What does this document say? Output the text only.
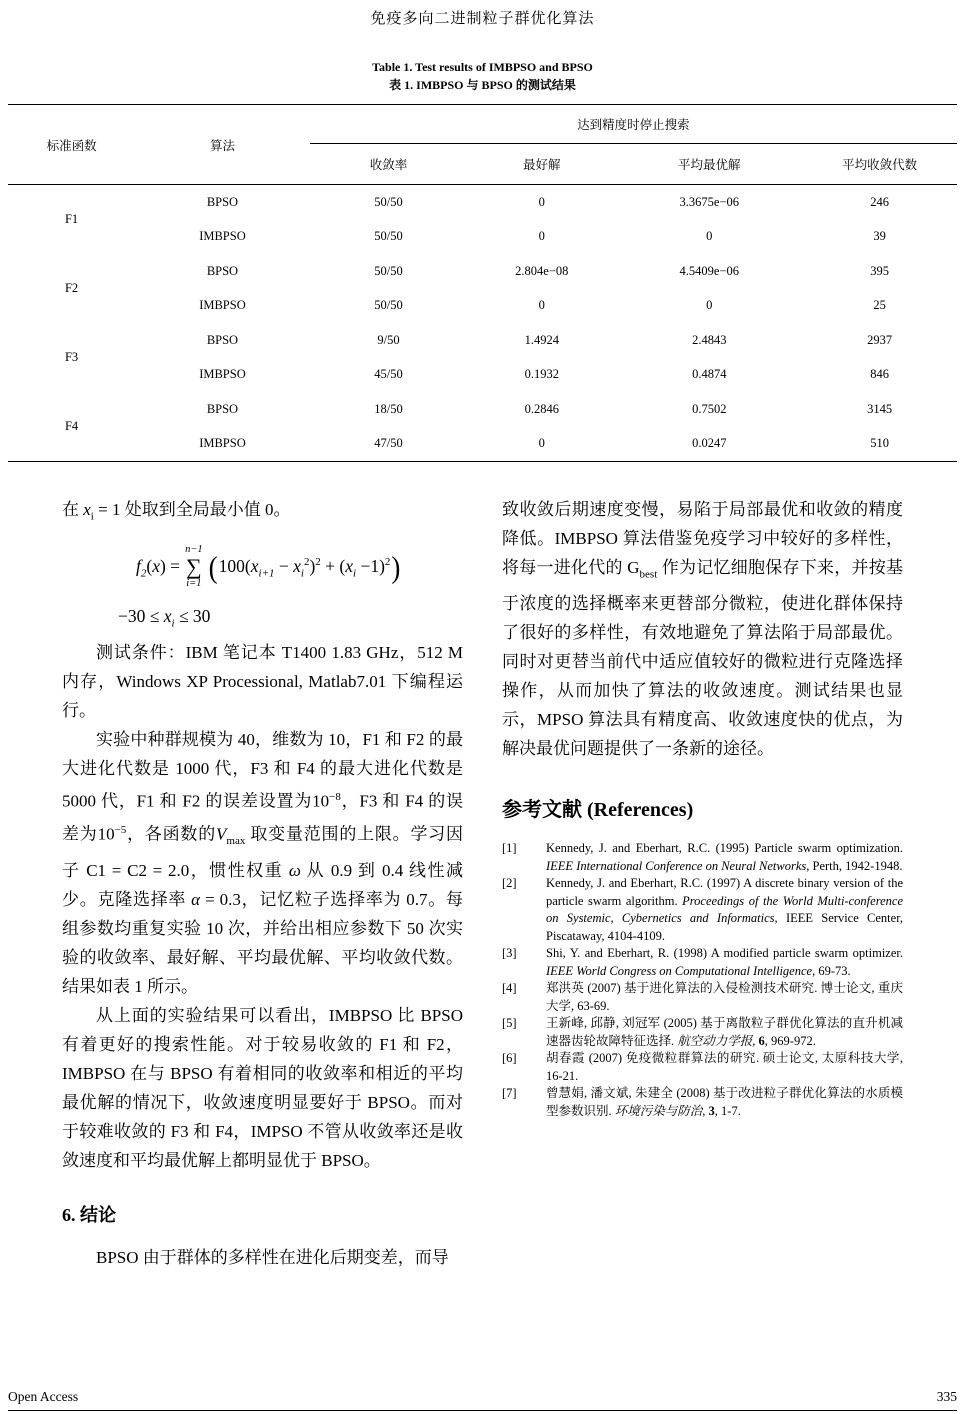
免疫多向二进制粒子群优化算法
Table 1. Test results of IMBPSO and BPSO
表 1. IMBPSO 与 BPSO 的测试结果
标准函数	算法	达到精度时停止搜索			
		收敛率	最好解	平均最优解	平均收敛代数
F1	BPSO	50/50	0	3.3675e−06	246
	IMBPSO	50/50	0	0	39
F2	BPSO	50/50	2.804e−08	4.5409e−06	395
	IMBPSO	50/50	0	0	25
F3	BPSO	9/50	1.4924	2.4843	2937
	IMBPSO	45/50	0.1932	0.4874	846
F4	BPSO	18/50	0.2846	0.7502	3145
	IMBPSO	47/50	0	0.0247	510

在 $x_i = 1$ 处取到全局最小值 0。

$f_2(x)$ =
n−1
∑
i=1 ( $100(x_{i+1} - x_i^2)^2 + (x_i -1)^2$ )
$-30 \le x_i \le 30$

测试条件：IBM 笔记本 T1400 1.83 GHz，512 M 内存，Windows XP Processional, Matlab7.01 下编程运行。

实验中种群规模为 40，维数为 10，F1 和 F2 的最大进化代数是 1000 代，F3 和 F4 的最大进化代数是 5000 代，F1 和 F2 的误差设置为$10^{-8}$，F3 和 F4 的误差为$10^{-5}$，各函数的$V_{max}$ 取变量范围的上限。学习因子 C1 = C2 = 2.0，惯性权重 ω 从 0.9 到 0.4 线性减少。克隆选择率 α = 0.3，记忆粒子选择率为 0.7。每组参数均重复实验 10 次，并给出相应参数下 50 次实验的收敛率、最好解、平均最优解、平均收敛代数。结果如表 1 所示。

从上面的实验结果可以看出，IMBPSO 比 BPSO 有着更好的搜索性能。对于较易收敛的 F1 和 F2，IMBPSO 在与 BPSO 有着相同的收敛率和相近的平均最优解的情况下，收敛速度明显要好于 BPSO。而对于较难收敛的 F3 和 F4，IMPSO 不管从收敛率还是收敛速度和平均最优解上都明显优于 BPSO。

6. 结论

BPSO 由于群体的多样性在进化后期变差，而导

致收敛后期速度变慢，易陷于局部最优和收敛的精度降低。IMBPSO 算法借鉴免疫学习中较好的多样性，将每一进化代的 $G_{best}$ 作为记忆细胞保存下来，并按基于浓度的选择概率来更替部分微粒，使进化群体保持了很好的多样性，有效地避免了算法陷于局部最优。同时对更替当前代中适应值较好的微粒进行克隆选择操作，从而加快了算法的收敛速度。测试结果也显示，MPSO 算法具有精度高、收敛速度快的优点，为解决最优问题提供了一条新的途径。

参考文献 (References)
[1]	Kennedy, J. and Eberhart, R.C. (1995) Particle swarm optimization. IEEE International Conference on Neural Networks, Perth, 1942-1948.
[2]	Kennedy, J. and Eberhart, R.C. (1997) A discrete binary version of the particle swarm algorithm. Proceedings of the World Multi-conference on Systemic, Cybernetics and Informatics, IEEE Service Center, Piscataway, 4104-4109.
[3]	Shi, Y. and Eberhart, R. (1998) A modified particle swarm optimizer. IEEE World Congress on Computational Intelligence, 69-73.
[4]	郑洪英 (2007) 基于进化算法的入侵检测技术研究. 博士论文, 重庆大学, 63-69.
[5]	王新峰, 邱静, 刘冠军 (2005) 基于离散粒子群优化算法的直升机减速器齿轮故障特征选择. 航空动力学报, 6, 969-972.
[6]	胡春霞 (2007) 免疫微粒群算法的研究. 硕士论文, 太原科技大学, 16-21.
[7]	曾慧娟, 潘文斌, 朱建全 (2008) 基于改进粒子群优化算法的水质模型参数识别. 环境污染与防治, 3, 1-7.
Open Access	335
